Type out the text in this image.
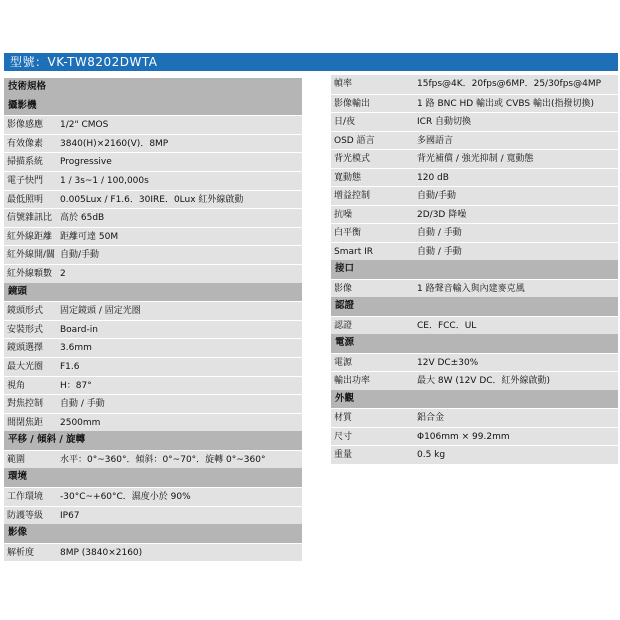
型號：VK-TW8202DWTA
技術規格
攝影機
影像感應 1/2" CMOS
有效像素 3840(H)×2160(V)．8MP
掃描系統 Progressive
電子快門 1 / 3s~1 / 100,000s
最低照明 0.005Lux / F1.6．30IRE．0Lux 紅外線啟動
信號雜訊比 高於 65dB
紅外線距離 距離可達 50M
紅外線開/關 自動/手動
紅外線顆數 2
鏡頭
鏡頭形式 固定鏡頭 / 固定光圈
安裝形式 Board-in
鏡頭選擇 3.6mm
最大光圈 F1.6
視角	H：87°
對焦控制 自動 / 手動
間閉焦距 2500mm
平移 / 傾斜 / 旋轉
範圍	水平：0°~360°．傾斜：0°~70°．旋轉 0°~360°
環境
工作環境 -30°C~+60°C．濕度小於 90%
防護等級 IP67
影像
解析度	8MP (3840×2160)
幀率	15fps@4K．20fps@6MP．25/30fps@4MP
影像輸出	1 路 BNC HD 輸出或 CVBS 輸出(指撥切換)
日/夜	ICR 自動切換
OSD 語言	多國語言
背光模式	背光補償 / 強光抑制 / 寬動態
寬動態	120 dB
增益控制	自動/手動
抗噪	2D/3D 降噪
白平衡	自動 / 手動
Smart IR	自動 / 手動
接口
影像	1 路聲音輸入與內建麥克風
認證
認證	CE．FCC．UL
電源
電源	12V DC±30%
輸出功率	最大 8W (12V DC．紅外線啟動)
外觀
材質	鋁合金
尺寸	Φ106mm × 99.2mm
重量	0.5 kg
